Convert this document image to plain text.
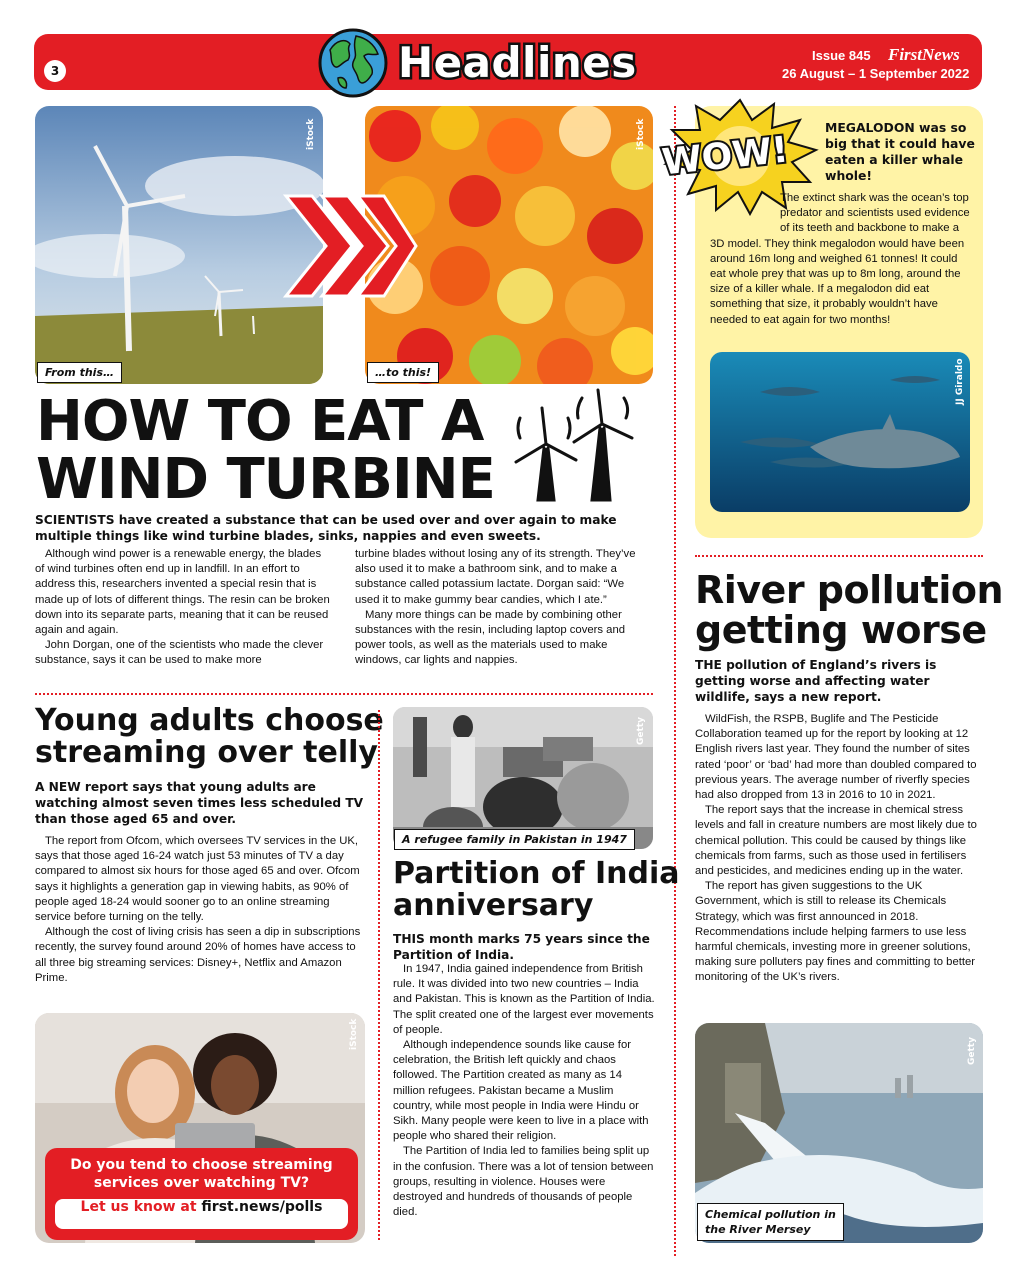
3	Headlines	Issue 845 FirstNews
26 August – 1 September 2022
iStock
From this…
iStock
…to this!
HOW TO EAT A
WIND TURBINE
SCIENTISTS have created a substance that can be used over and over again to make multiple things like wind turbine blades, sinks, nappies and even sweets.

Although wind power is a renewable energy, the blades of wind turbines often end up in landfill. In an effort to address this, researchers invented a special resin that is made up of lots of different things. The resin can be broken down into its separate parts, meaning that it can be reused again and again.

John Dorgan, one of the scientists who made the clever substance, says it can be used to make more

turbine blades without losing any of its strength. They’ve also used it to make a bathroom sink, and to make a substance called potassium lactate. Dorgan said: “We used it to make gummy bear candies, which I ate.”

Many more things can be made by combining other substances with the resin, including laptop covers and power tools, as well as the materials used to make windows, car lights and nappies.

WOW!
MEGALODON was so big that it could have eaten a killer whale whole!
The extinct shark was the ocean’s top predator and scientists used evidence of its teeth and backbone to make a 3D model. They think megalodon would have been around 16m long and weighed 61 tonnes! It could eat whole prey that was up to 8m long, around the size of a killer whale. If a megalodon did eat something that size, it probably wouldn’t have needed to eat again for two months!
JJ Giraldo
River pollution
getting worse
THE pollution of England’s rivers is getting worse and affecting water wildlife, says a new report.

WildFish, the RSPB, Buglife and The Pesticide Collaboration teamed up for the report by looking at 12 English rivers last year. They found the number of sites rated ‘poor’ or ‘bad’ had more than doubled compared to previous years. The average number of riverfly species had also dropped from 13 in 2016 to 10 in 2021.

The report says that the increase in chemical stress levels and fall in creature numbers are most likely due to chemical pollution. This could be caused by things like chemicals from farms, such as those used in fertilisers and pesticides, and medicines ending up in the water.

The report has given suggestions to the UK Government, which is still to release its Chemicals Strategy, which was first announced in 2018. Recommendations include helping farmers to use less harmful chemicals, investing more in greener solutions, making sure polluters pay fines and committing to better monitoring of the UK’s rivers.

Getty
Chemical pollution in
the River Mersey
Young adults choose
streaming over telly
A NEW report says that young adults are watching almost seven times less scheduled TV than those aged 65 and over.

The report from Ofcom, which oversees TV services in the UK, says that those aged 16-24 watch just 53 minutes of TV a day compared to almost six hours for those aged 65 and over. Ofcom says it highlights a generation gap in viewing habits, as 90% of people aged 18-24 would sooner go to an online streaming service before turning on the telly.

Although the cost of living crisis has seen a dip in subscriptions recently, the survey found around 20% of homes have access to all three big streaming services: Disney+, Netflix and Amazon Prime.

iStock
Do you tend to choose streaming services over watching TV?
Let us know at first.news/polls
Getty
A refugee family in Pakistan in 1947
Partition of India
anniversary
THIS month marks 75 years since the Partition of India.

In 1947, India gained independence from British rule. It was divided into two new countries – India and Pakistan. This is known as the Partition of India. The split created one of the largest ever movements of people.

Although independence sounds like cause for celebration, the British left quickly and chaos followed. The Partition created as many as 14 million refugees. Pakistan became a Muslim country, while most people in India were Hindu or Sikh. Many people were keen to live in a place with people who shared their religion.

The Partition of India led to families being split up in the confusion. There was a lot of tension between groups, resulting in violence. Houses were destroyed and hundreds of thousands of people died.
